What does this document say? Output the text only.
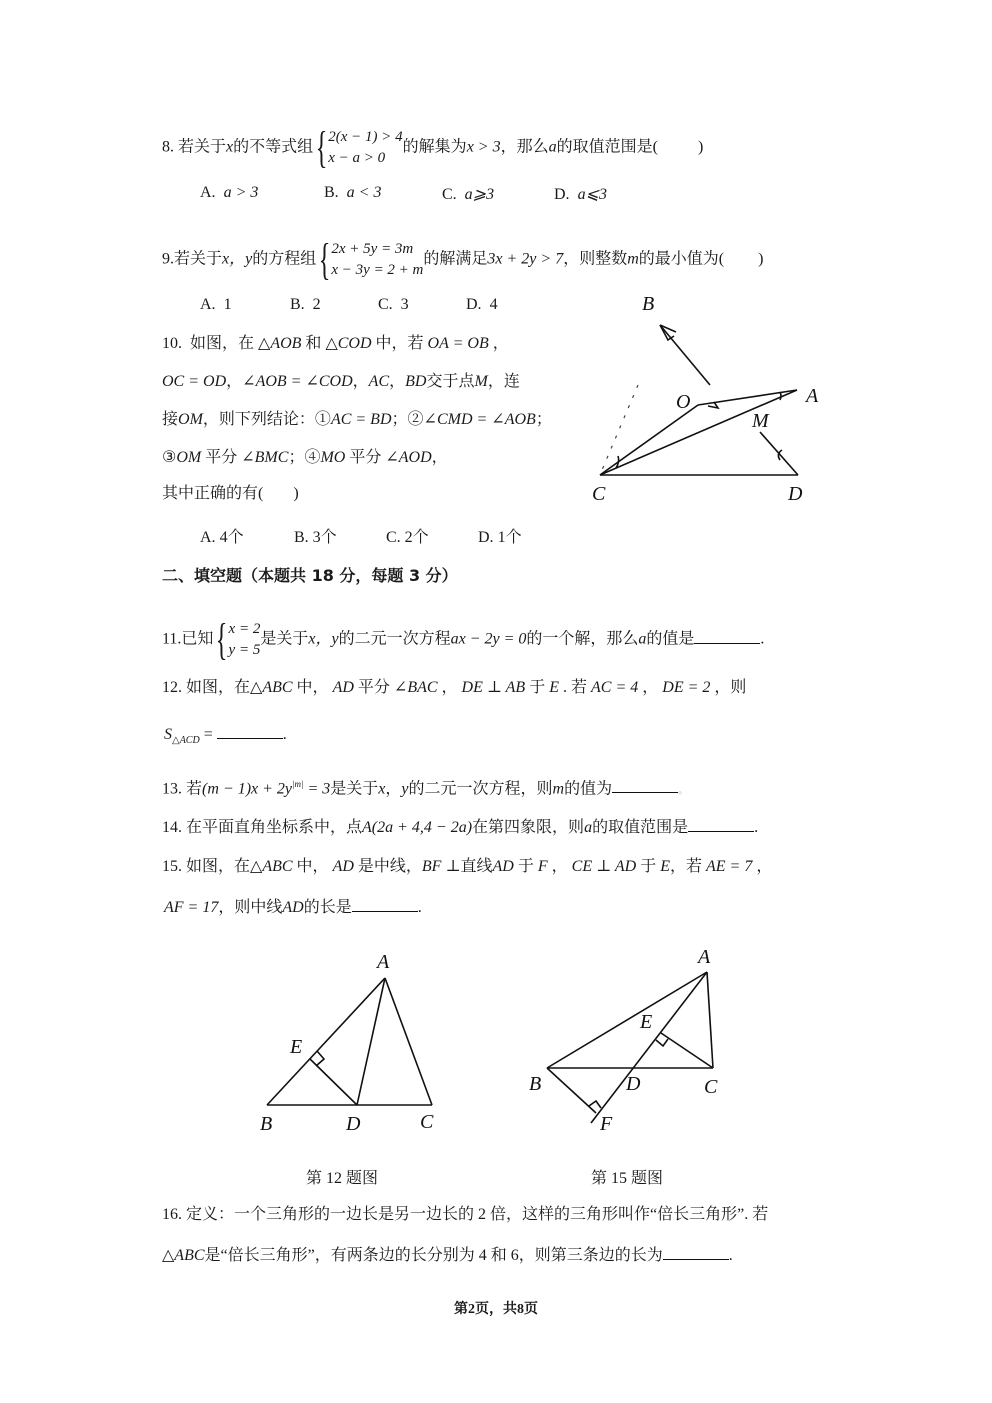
8. 若关于x的不等式组{2(x − 1) > 4
x − a > 0的解集为x > 3，那么a的取值范围是(	)
A. a > 3	B. a < 3	C. a⩾3	D. a⩽3
9.若关于x，y的方程组{2x + 5y = 3m
x − 3y = 2 + m的解满足3x + 2y > 7，则整数m的最小值为( )
A. 1	B. 2	C. 3	D. 4
10. 如图，在 △AOB 和 △COD 中，若 OA = OB ，
OC = OD，∠AOB = ∠COD，AC，BD交于点M，连
接OM，则下列结论：①AC = BD；②∠CMD = ∠AOB；
③OM 平分 ∠BMC；④MO 平分 ∠AOD，
其中正确的有( )
A. 4个	B. 3个	C. 2个	D. 1个
B
O	A
M
C	D
二、填空题（本题共 18 分，每题 3 分）
11.已知{x = 2
y = 5是关于x，y的二元一次方程ax − 2y = 0的一个解，那么a的值是	.
12. 如图，在△ABC 中， AD 平分 ∠BAC ， DE ⊥ AB 于 E . 若 AC = 4 ， DE = 2 ，则
$S_{\triangle ACD}$ =	.
13. 若$(m - 1)x + 2y^{|m|} = 3$是关于x，y的二元一次方程，则m的值为	。
14. 在平面直角坐标系中，点A(2a + 4,4 − 2a)在第四象限，则a的取值范围是	.
15. 如图，在△ABC 中， AD 是中线，BF ⊥直线AD 于 F ， CE ⊥ AD 于 E，若 AE = 7 ，
AF = 17，则中线AD的长是	.
A
E
B	D	C
第 12 题图
A
E
B	D	C
F
第 15 题图
16. 定义：一个三角形的一边长是另一边长的 2 倍，这样的三角形叫作“倍长三角形”. 若
△ABC是“倍长三角形”，有两条边的长分别为 4 和 6，则第三条边的长为	.
第2页，共8页
